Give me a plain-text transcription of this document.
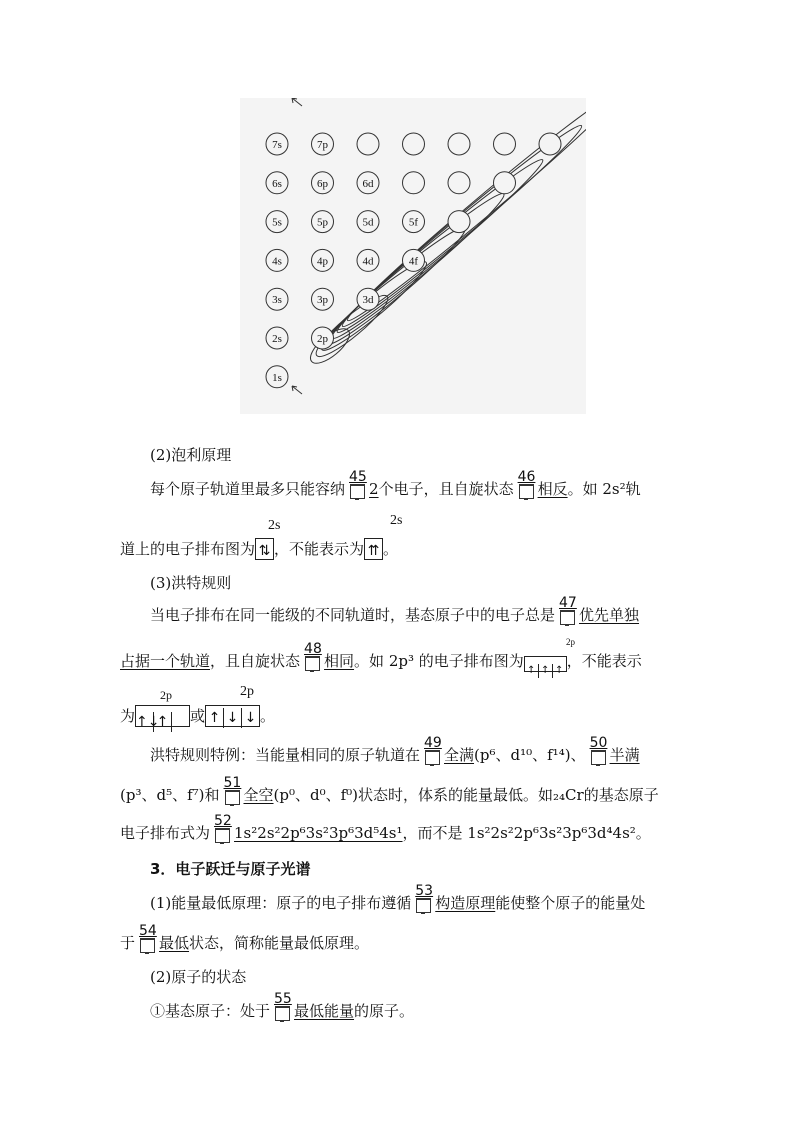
7s	7p
6s	6p	6d
5s	5p	5d	5f
4s	4p	4d	4f
3s	3p	3d
2s	2p
1s
(2)泡利原理
每个原子轨道里最多只能容纳
45
2个电子，且自旋状态
46
相反。如 2s²轨
道上的电子排布图为 ⇅ ，不能表示为 ⇈ 。
2s	2s
(3)洪特规则
当电子排布在同一能级的不同轨道时，基态原子中的电子总是
47
优先单独
占据一个轨道，且自旋状态
48
相同。如 2p³ 的电子排布图为↑ ↑ ↑，不能表示
2p
为↑↓↑ 或 ↑ ↓ ↓ 。
2p	2p
洪特规则特例：当能量相同的原子轨道在
49
全满(p⁶、d¹⁰、f¹⁴)、
50
半满
(p³、d⁵、f⁷)和
51
全空(p⁰、d⁰、f⁰)状态时，体系的能量最低。如₂₄Cr的基态原子
电子排布式为
52
1s²2s²2p⁶3s²3p⁶3d⁵4s¹，而不是 1s²2s²2p⁶3s²3p⁶3d⁴4s²。
3．电子跃迁与原子光谱
(1)能量最低原理：原子的电子排布遵循
53
构造原理能使整个原子的能量处
于
54
最低状态，简称能量最低原理。
(2)原子的状态
①基态原子：处于
55
最低能量的原子。
